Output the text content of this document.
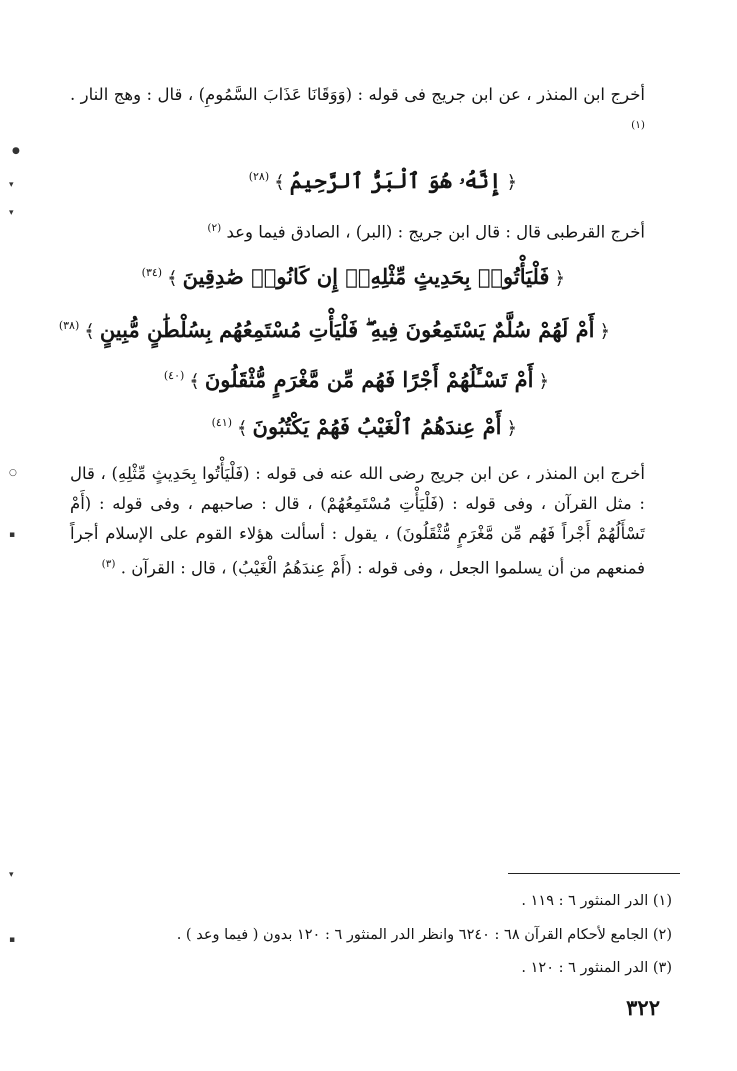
●
▾
▾
○
▪
▾
▪
أخرج ابن المنذر ، عن ابن جريج فى قوله : (وَوَقَانَا عَذَابَ السَّمُومِ) ، قال : وهج النار . $^{(١)}$
﴿إِنَّهُۥ هُوَ ٱلْبَرُّ ٱلرَّحِيمُ﴾$^{(٢٨)}$
أخرج القرطبى قال : قال ابن جريج : (البر) ، الصادق فيما وعد $^{(٢)}$
﴿فَلْيَأْتُوا۟ بِحَدِيثٍ مِّثْلِهِۦٓ إِن كَانُوا۟ صَٰدِقِينَ﴾$^{(٣٤)}$
﴿أَمْ لَهُمْ سُلَّمٌ يَسْتَمِعُونَ فِيهِ ۖ فَلْيَأْتِ مُسْتَمِعُهُم بِسُلْطَٰنٍ مُّبِينٍ﴾$^{(٣٨)}$
﴿أَمْ تَسْـَٔلُهُمْ أَجْرًا فَهُم مِّن مَّغْرَمٍ مُّثْقَلُونَ﴾$^{(٤٠)}$
﴿أَمْ عِندَهُمُ ٱلْغَيْبُ فَهُمْ يَكْتُبُونَ﴾$^{(٤١)}$
أخرج ابن المنذر ، عن ابن جريج رضى الله عنه فى قوله : (فَلْيَأْتُوا بِحَدِيثٍ مِّثْلِهِ) ، قال : مثل القرآن ، وفى قوله : (فَلْيَأْتِ مُسْتَمِعُهُمْ) ، قال : صاحبهم ، وفى قوله : (أَمْ تَسْأَلُهُمْ أَجْراً فَهُم مِّن مَّغْرَمٍ مُّثْقَلُونَ) ، يقول : أسألت هؤلاء القوم على الإسلام أجراً فمنعهم من أن يسلموا الجعل ، وفى قوله : (أَمْ عِندَهُمُ الْغَيْبُ) ، قال : القرآن . $^{(٣)}$
(١) الدر المنثور ٦ : ١١٩ .
(٢) الجامع لأحكام القرآن ٦٨ : ٦٢٤٠ وانظر الدر المنثور ٦ : ١٢٠ بدون ( فيما وعد ) .
(٣) الدر المنثور ٦ : ١٢٠ .
٣٢٢
